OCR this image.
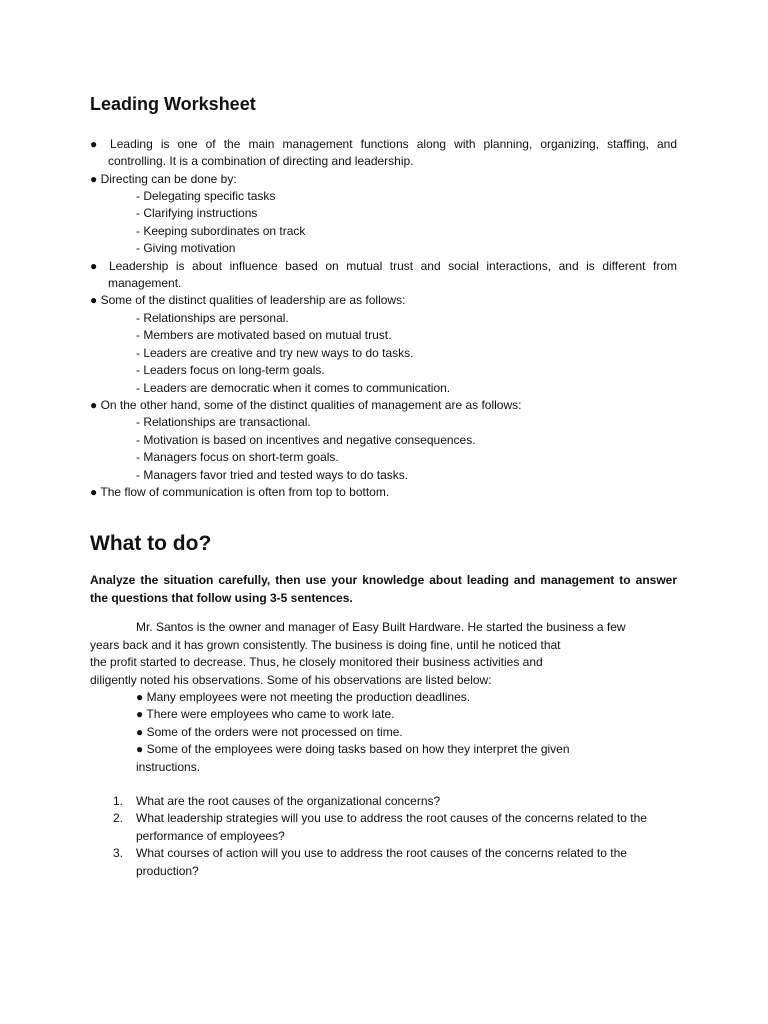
Leading Worksheet
● Leading is one of the main management functions along with planning, organizing, staffing, and
controlling. It is a combination of directing and leadership.
● Directing can be done by:
- Delegating specific tasks
- Clarifying instructions
- Keeping subordinates on track
- Giving motivation
● Leadership is about influence based on mutual trust and social interactions, and is different from
management.
● Some of the distinct qualities of leadership are as follows:
- Relationships are personal.
- Members are motivated based on mutual trust.
- Leaders are creative and try new ways to do tasks.
- Leaders focus on long-term goals.
- Leaders are democratic when it comes to communication.
● On the other hand, some of the distinct qualities of management are as follows:
- Relationships are transactional.
- Motivation is based on incentives and negative consequences.
- Managers focus on short-term goals.
- Managers favor tried and tested ways to do tasks.
● The flow of communication is often from top to bottom.
What to do?
Analyze the situation carefully, then use your knowledge about leading and management to answer
the questions that follow using 3-5 sentences.
Mr. Santos is the owner and manager of Easy Built Hardware. He started the business a few
years back and it has grown consistently. The business is doing fine, until he noticed that
the profit started to decrease. Thus, he closely monitored their business activities and
diligently noted his observations. Some of his observations are listed below:
● Many employees were not meeting the production deadlines.
● There were employees who came to work late.
● Some of the orders were not processed on time.
● Some of the employees were doing tasks based on how they interpret the given
instructions.
1. What are the root causes of the organizational concerns?
2. What leadership strategies will you use to address the root causes of the concerns related to the
performance of employees?
3. What courses of action will you use to address the root causes of the concerns related to the
production?
